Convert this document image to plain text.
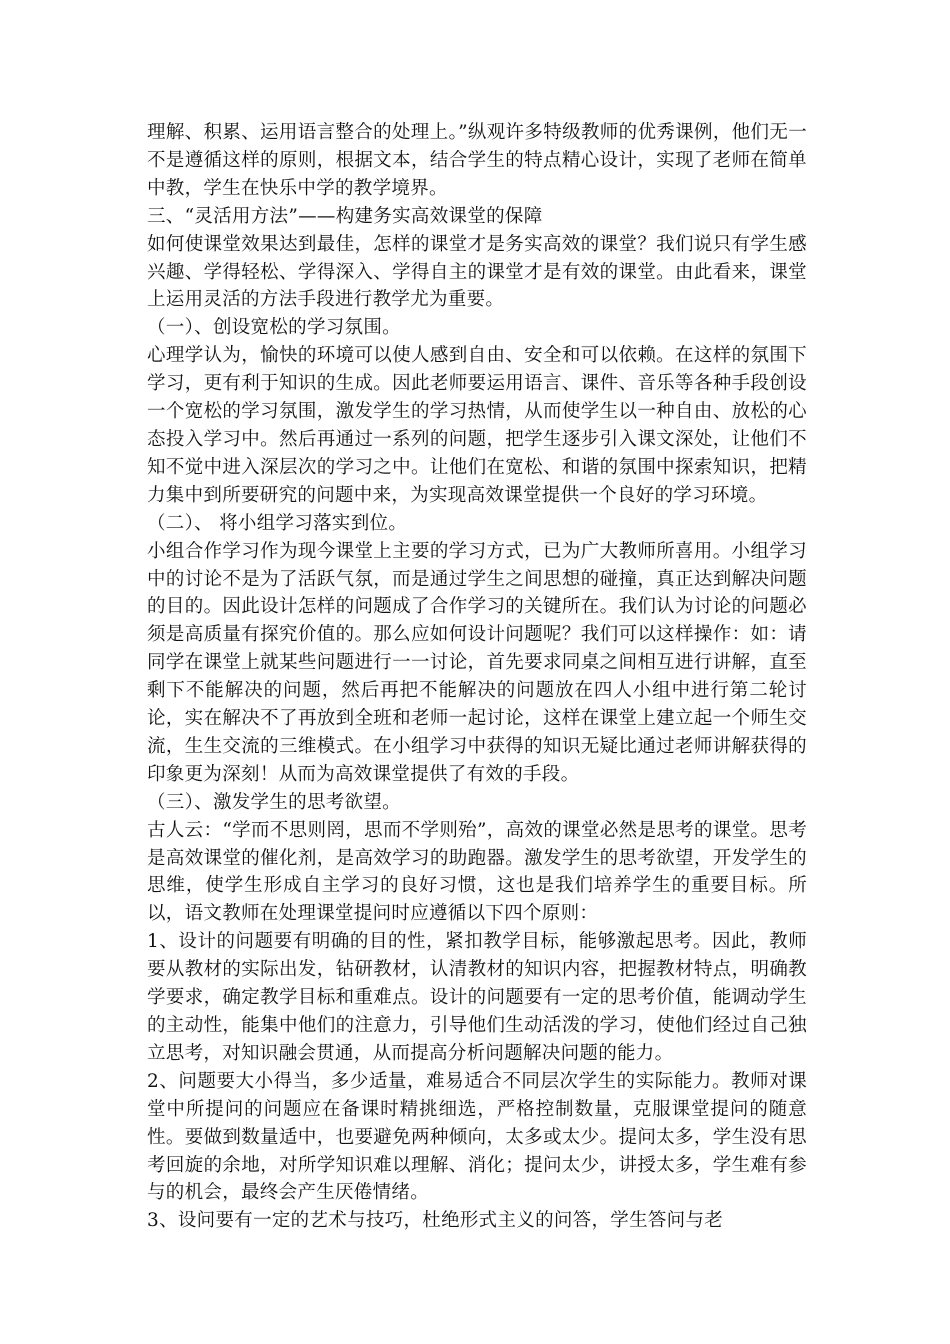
理解、积累、运用语言整合的处理上。”纵观许多特级教师的优秀课例，他们无一不是遵循这样的原则，根据文本，结合学生的特点精心设计，实现了老师在简单中教，学生在快乐中学的教学境界。

三、“灵活用方法”——构建务实高效课堂的保障

如何使课堂效果达到最佳，怎样的课堂才是务实高效的课堂？我们说只有学生感兴趣、学得轻松、学得深入、学得自主的课堂才是有效的课堂。由此看来，课堂上运用灵活的方法手段进行教学尤为重要。

（一）、创设宽松的学习氛围。

心理学认为，愉快的环境可以使人感到自由、安全和可以依赖。在这样的氛围下学习，更有利于知识的生成。因此老师要运用语言、课件、音乐等各种手段创设一个宽松的学习氛围，激发学生的学习热情，从而使学生以一种自由、放松的心态投入学习中。然后再通过一系列的问题，把学生逐步引入课文深处，让他们不知不觉中进入深层次的学习之中。让他们在宽松、和谐的氛围中探索知识，把精力集中到所要研究的问题中来，为实现高效课堂提供一个良好的学习环境。

（二）、 将小组学习落实到位。

小组合作学习作为现今课堂上主要的学习方式，已为广大教师所喜用。小组学习中的讨论不是为了活跃气氛，而是通过学生之间思想的碰撞，真正达到解决问题的目的。因此设计怎样的问题成了合作学习的关键所在。我们认为讨论的问题必须是高质量有探究价值的。那么应如何设计问题呢？我们可以这样操作：如：请同学在课堂上就某些问题进行一一讨论，首先要求同桌之间相互进行讲解，直至剩下不能解决的问题，然后再把不能解决的问题放在四人小组中进行第二轮讨论，实在解决不了再放到全班和老师一起讨论，这样在课堂上建立起一个师生交流，生生交流的三维模式。在小组学习中获得的知识无疑比通过老师讲解获得的印象更为深刻！从而为高效课堂提供了有效的手段。

（三）、激发学生的思考欲望。

古人云：“学而不思则罔，思而不学则殆”，高效的课堂必然是思考的课堂。思考是高效课堂的催化剂，是高效学习的助跑器。激发学生的思考欲望，开发学生的思维，使学生形成自主学习的良好习惯，这也是我们培养学生的重要目标。所以，语文教师在处理课堂提问时应遵循以下四个原则：

1、设计的问题要有明确的目的性，紧扣教学目标，能够激起思考。因此，教师要从教材的实际出发，钻研教材，认清教材的知识内容，把握教材特点，明确教学要求，确定教学目标和重难点。设计的问题要有一定的思考价值，能调动学生的主动性，能集中他们的注意力，引导他们生动活泼的学习，使他们经过自己独立思考，对知识融会贯通，从而提高分析问题解决问题的能力。

2、问题要大小得当，多少适量，难易适合不同层次学生的实际能力。教师对课堂中所提问的问题应在备课时精挑细选，严格控制数量，克服课堂提问的随意性。要做到数量适中，也要避免两种倾向，太多或太少。提问太多，学生没有思考回旋的余地，对所学知识难以理解、消化；提问太少，讲授太多，学生难有参与的机会，最终会产生厌倦情绪。

3、设问要有一定的艺术与技巧，杜绝形式主义的问答，学生答问与老
